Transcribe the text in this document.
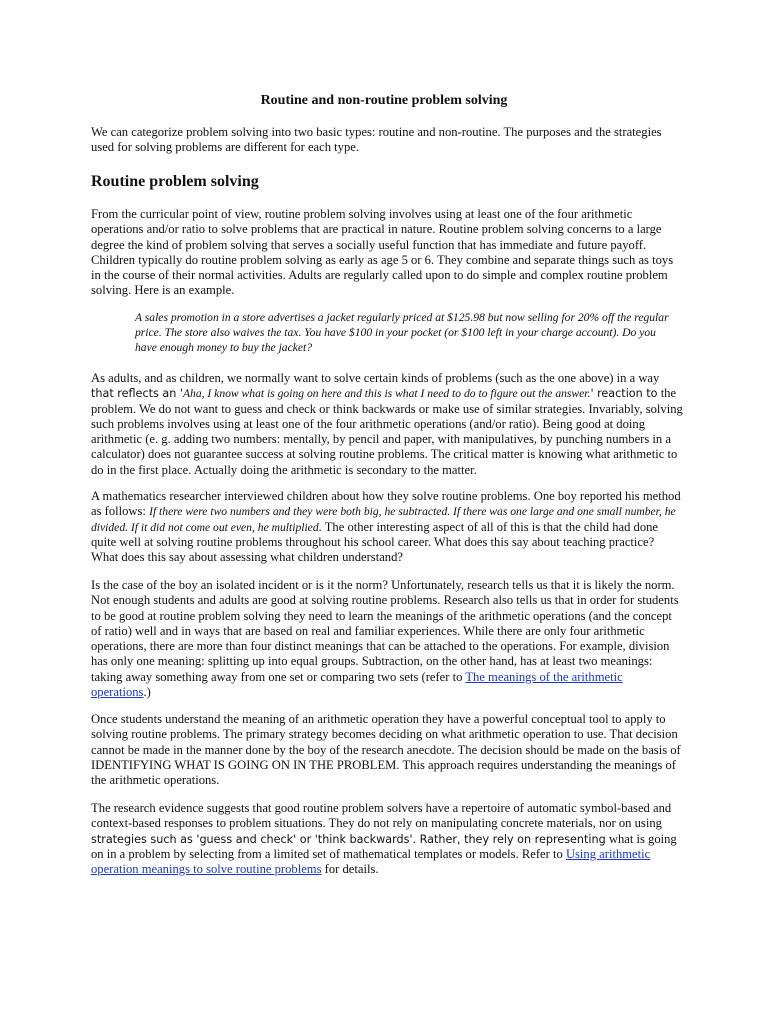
Routine and non-routine problem solving

We can categorize problem solving into two basic types: routine and non-routine. The purposes and the strategies used for solving problems are different for each type.

Routine problem solving

From the curricular point of view, routine problem solving involves using at least one of the four arithmetic operations and/or ratio to solve problems that are practical in nature. Routine problem solving concerns to a large degree the kind of problem solving that serves a socially useful function that has immediate and future payoff. Children typically do routine problem solving as early as age 5 or 6. They combine and separate things such as toys in the course of their normal activities. Adults are regularly called upon to do simple and complex routine problem solving. Here is an example.

A sales promotion in a store advertises a jacket regularly priced at $125.98 but now selling for 20% off the regular price. The store also waives the tax. You have $100 in your pocket (or $100 left in your charge account). Do you have enough money to buy the jacket?

As adults, and as children, we normally want to solve certain kinds of problems (such as the one above) in a way that reflects an 'Aha, I know what is going on here and this is what I need to do to figure out the answer.' reaction to the problem. We do not want to guess and check or think backwards or make use of similar strategies. Invariably, solving such problems involves using at least one of the four arithmetic operations (and/or ratio). Being good at doing arithmetic (e. g. adding two numbers: mentally, by pencil and paper, with manipulatives, by punching numbers in a calculator) does not guarantee success at solving routine problems. The critical matter is knowing what arithmetic to do in the first place. Actually doing the arithmetic is secondary to the matter.

A mathematics researcher interviewed children about how they solve routine problems. One boy reported his method as follows: If there were two numbers and they were both big, he subtracted. If there was one large and one small number, he divided. If it did not come out even, he multiplied. The other interesting aspect of all of this is that the child had done quite well at solving routine problems throughout his school career. What does this say about teaching practice? What does this say about assessing what children understand?

Is the case of the boy an isolated incident or is it the norm? Unfortunately, research tells us that it is likely the norm. Not enough students and adults are good at solving routine problems. Research also tells us that in order for students to be good at routine problem solving they need to learn the meanings of the arithmetic operations (and the concept of ratio) well and in ways that are based on real and familiar experiences. While there are only four arithmetic operations, there are more than four distinct meanings that can be attached to the operations. For example, division has only one meaning: splitting up into equal groups. Subtraction, on the other hand, has at least two meanings: taking away something away from one set or comparing two sets (refer to The meanings of the arithmetic operations.)

Once students understand the meaning of an arithmetic operation they have a powerful conceptual tool to apply to solving routine problems. The primary strategy becomes deciding on what arithmetic operation to use. That decision cannot be made in the manner done by the boy of the research anecdote. The decision should be made on the basis of IDENTIFYING WHAT IS GOING ON IN THE PROBLEM. This approach requires understanding the meanings of the arithmetic operations.

The research evidence suggests that good routine problem solvers have a repertoire of automatic symbol-based and context-based responses to problem situations. They do not rely on manipulating concrete materials, nor on using strategies such as 'guess and check' or 'think backwards'. Rather, they rely on representing what is going on in a problem by selecting from a limited set of mathematical templates or models. Refer to Using arithmetic operation meanings to solve routine problems for details.
